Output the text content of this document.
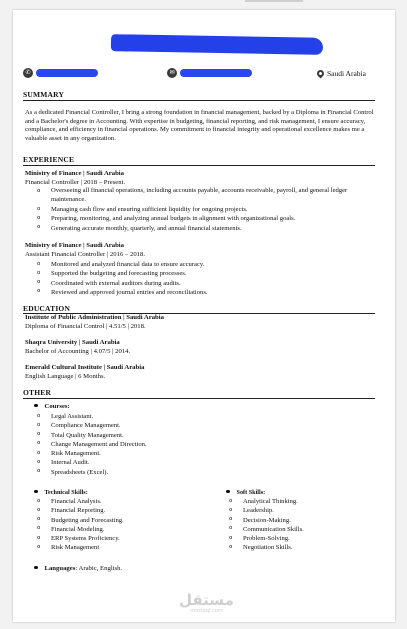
✆	✉	Saudi Arabia
SUMMARY
As a dedicated Financial Controller, I bring a strong foundation in financial management, backed by a Diploma in Financial Control and a Bachelor's degree in Accounting. With expertise in budgeting, financial reporting, and risk management, I ensure accuracy, compliance, and efficiency in financial operations. My commitment to financial integrity and operational excellence makes me a valuable asset in any organization.
EXPERIENCE
Ministry of Finance | Saudi Arabia
Financial Controller | 2018 – Present.
o Overseeing all financial operations, including accounts payable, accounts receivable, payroll, and general ledger maintenance.
o Managing cash flow and ensuring sufficient liquidity for ongoing projects.
o Preparing, monitoring, and analyzing annual budgets in alignment with organizational goals.
o Generating accurate monthly, quarterly, and annual financial statements.
Ministry of Finance | Saudi Arabia
Assistant Financial Controller | 2016 – 2018.
o Monitored and analyzed financial data to ensure accuracy.
o Supported the budgeting and forecasting processes.
o Coordinated with external auditors during audits.
o Reviewed and approved journal entries and reconciliations.
EDUCATION
Institute of Public Administration | Saudi Arabia
Diploma of Financial Control | 4.51/5 | 2018.
Shaqra University | Saudi Arabia
Bachelor of Accounting | 4.07/5 | 2014.
Emerald Cultural Institute | Saudi Arabia
English Language | 6 Months.
OTHER
Courses:
o Legal Assistant.
o Compliance Management.
o Total Quality Management.
o Change Management and Direction.
o Risk Management.
o Internal Audit.
o Spreadsheets (Excel).
Technical Skills:
o Financial Analysis.
o Financial Reporting.
o Budgeting and Forecasting.
o Financial Modeling.
o ERP Systems Proficiency.
o Risk Management
Soft Skills:
o Analytical Thinking.
o Leadership.
o Decision-Making.
o Communication Skills.
o Problem-Solving.
o Negotiation Skills.
Languages: Arabic, English.
مستقل
mostaql.com
